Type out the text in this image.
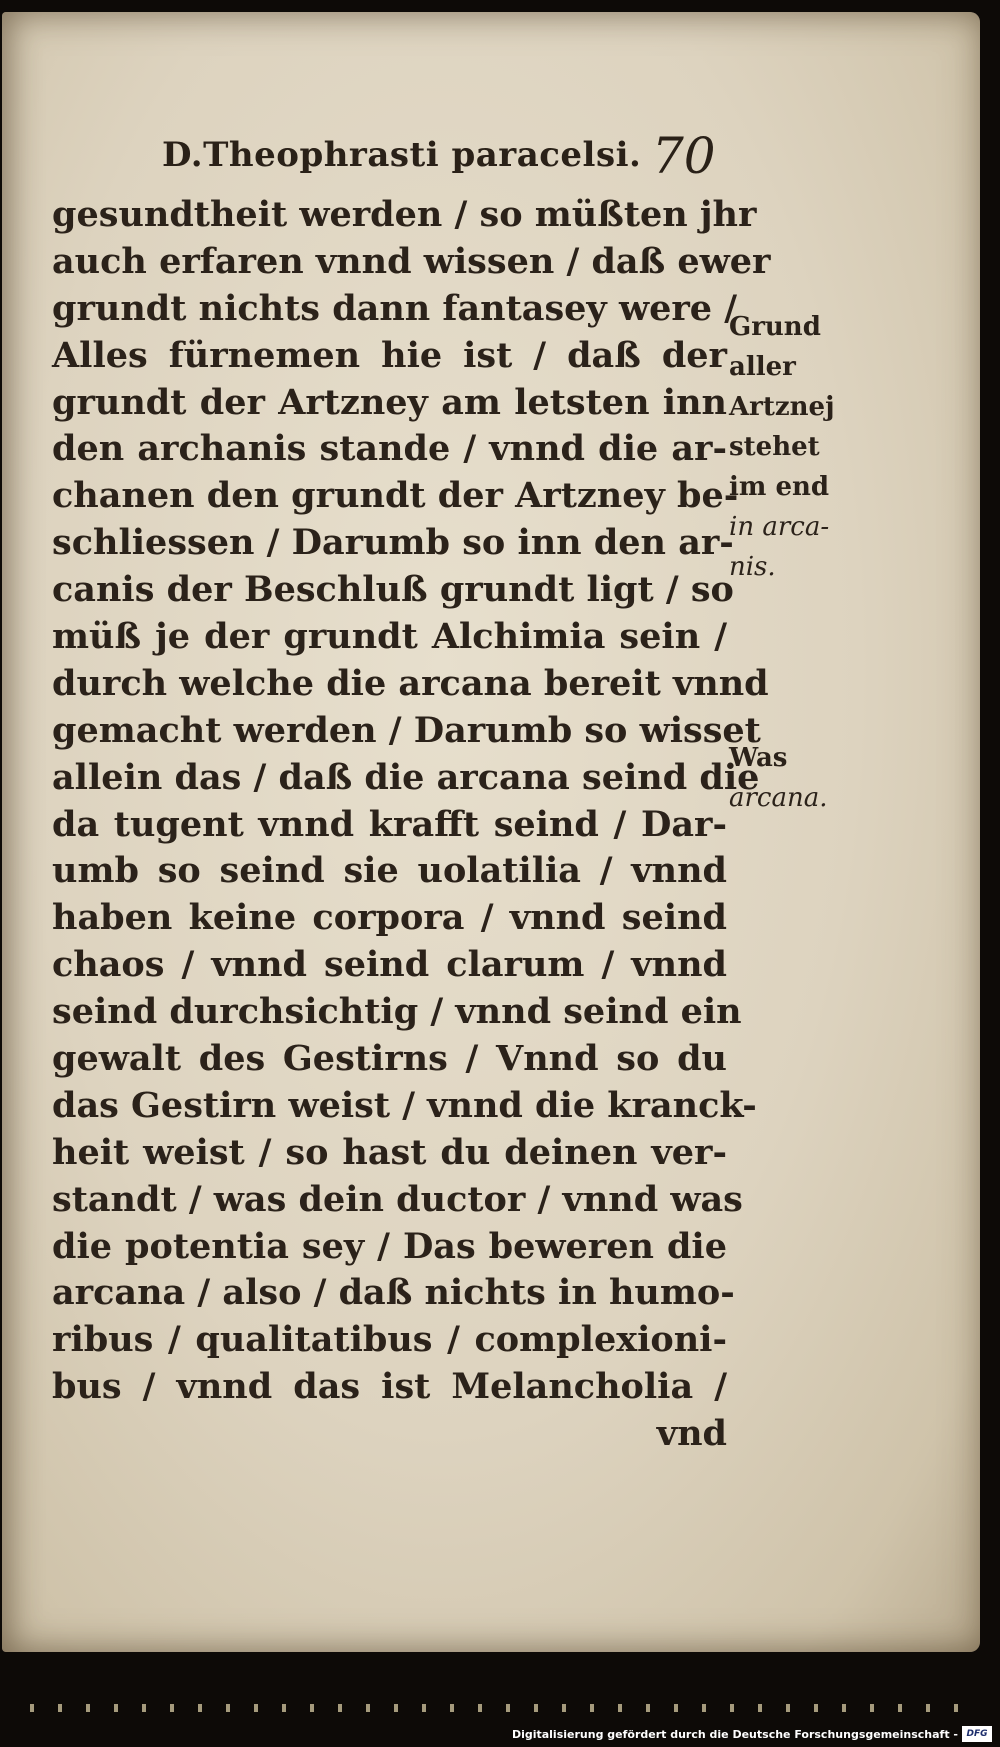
D.Theophrasti paracelsi. 70
gesundtheit werden / so müßten jhr
auch erfaren vnnd wissen / daß ewer
grundt nichts dann fantasey were /
Alles fürnemen hie ist / daß der
grundt der Artzney am letsten inn
den archanis stande / vnnd die ar-
chanen den grundt der Artzney be-
schliessen / Darumb so inn den ar-
canis der Beschluß grundt ligt / so
müß je der grundt Alchimia sein /
durch welche die arcana bereit vnnd
gemacht werden / Darumb so wisset
allein das / daß die arcana seind die
da tugent vnnd krafft seind / Dar-
umb so seind sie uolatilia / vnnd
haben keine corpora / vnnd seind
chaos / vnnd seind clarum / vnnd
seind durchsichtig / vnnd seind ein
gewalt des Gestirns / Vnnd so du
das Gestirn weist / vnnd die kranck-
heit weist / so hast du deinen ver-
standt / was dein ductor / vnnd was
die potentia sey / Das beweren die
arcana / also / daß nichts in humo-
ribus / qualitatibus / complexioni-
bus / vnnd das ist Melancholia /
vnd
Grund
aller
Artznej
stehet
im end
in arca-
nis.
Was
arcana.
Digitalisierung gefördert durch die Deutsche Forschungsgemeinschaft - DFG
